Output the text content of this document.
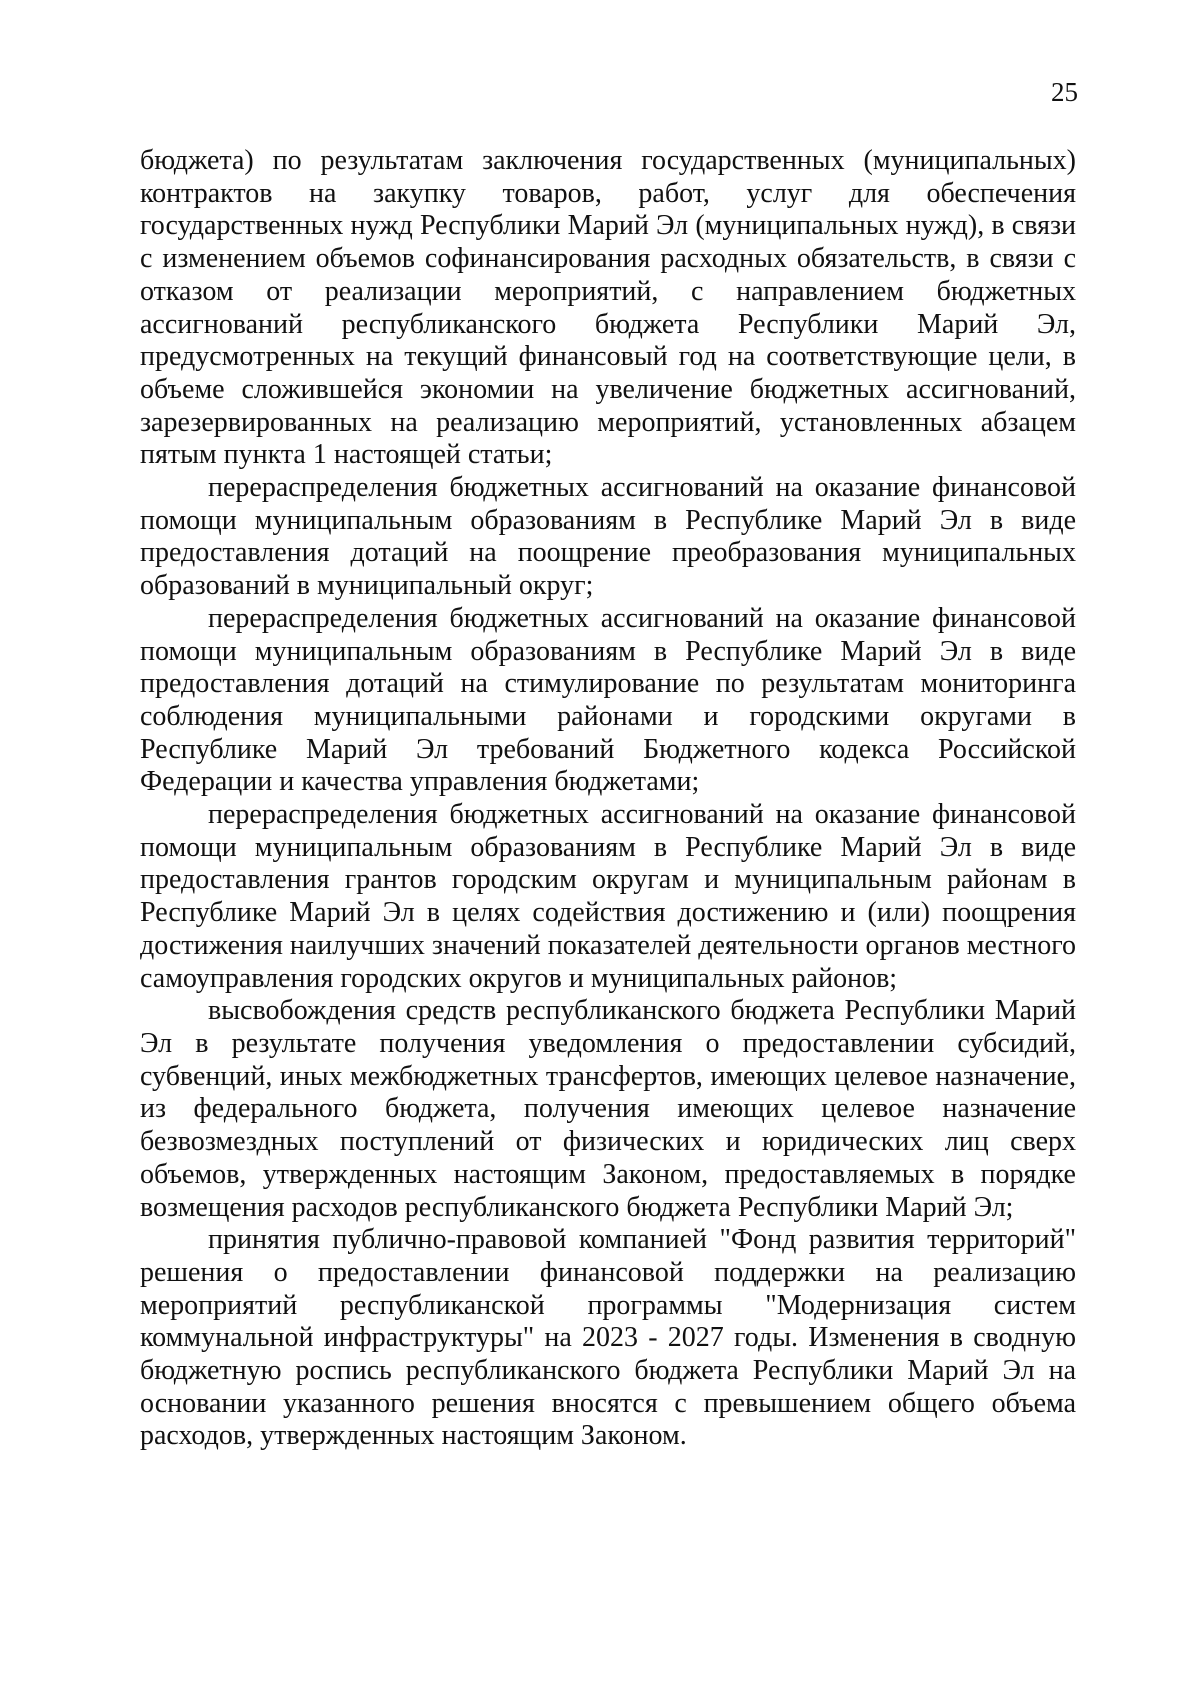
25

бюджета) по результатам заключения государственных (муниципальных) контрактов на закупку товаров, работ, услуг для обеспечения государственных нужд Республики Марий Эл (муниципальных нужд), в связи с изменением объемов софинансирования расходных обязательств, в связи с отказом от реализации мероприятий, с направлением бюджетных ассигнований республиканского бюджета Республики Марий Эл, предусмотренных на текущий финансовый год на соответствующие цели, в объеме сложившейся экономии на увеличение бюджетных ассигнований, зарезервированных на реализацию мероприятий, установленных абзацем пятым пункта 1 настоящей статьи;

перераспределения бюджетных ассигнований на оказание финансовой помощи муниципальным образованиям в Республике Марий Эл в виде предоставления дотаций на поощрение преобразования муниципальных образований в муниципальный округ;

перераспределения бюджетных ассигнований на оказание финансовой помощи муниципальным образованиям в Республике Марий Эл в виде предоставления дотаций на стимулирование по результатам мониторинга соблюдения муниципальными районами и городскими округами в Республике Марий Эл требований Бюджетного кодекса Российской Федерации и качества управления бюджетами;

перераспределения бюджетных ассигнований на оказание финансовой помощи муниципальным образованиям в Республике Марий Эл в виде предоставления грантов городским округам и муниципальным районам в Республике Марий Эл в целях содействия достижению и (или) поощрения достижения наилучших значений показателей деятельности органов местного самоуправления городских округов и муниципальных районов;

высвобождения средств республиканского бюджета Республики Марий Эл в результате получения уведомления о предоставлении субсидий, субвенций, иных межбюджетных трансфертов, имеющих целевое назначение, из федерального бюджета, получения имеющих целевое назначение безвозмездных поступлений от физических и юридических лиц сверх объемов, утвержденных настоящим Законом, предоставляемых в порядке возмещения расходов республиканского бюджета Республики Марий Эл;

принятия публично-правовой компанией "Фонд развития территорий" решения о предоставлении финансовой поддержки на реализацию мероприятий республиканской программы "Модернизация систем коммунальной инфраструктуры" на 2023 - 2027 годы. Изменения в сводную бюджетную роспись республиканского бюджета Республики Марий Эл на основании указанного решения вносятся с превышением общего объема расходов, утвержденных настоящим Законом.
